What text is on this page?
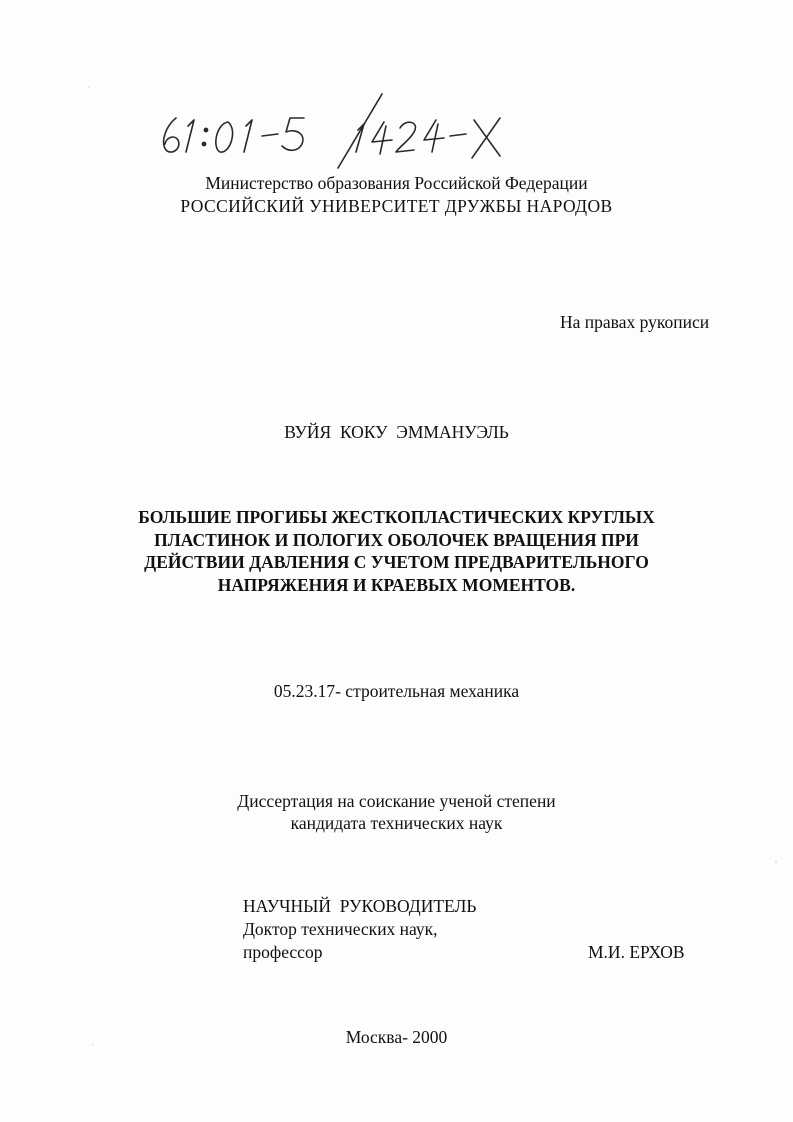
Министерство образования Российской Федерации
РОССИЙСКИЙ УНИВЕРСИТЕТ ДРУЖБЫ НАРОДОВ
На правах рукописи
ВУЙЯ  КОКУ  ЭММАНУЭЛЬ
БОЛЬШИЕ ПРОГИБЫ ЖЕСТКОПЛАСТИЧЕСКИХ КРУГЛЫХ
ПЛАСТИНОК И ПОЛОГИХ ОБОЛОЧЕК ВРАЩЕНИЯ ПРИ
ДЕЙСТВИИ ДАВЛЕНИЯ С УЧЕТОМ ПРЕДВАРИТЕЛЬНОГО
НАПРЯЖЕНИЯ И КРАЕВЫХ МОМЕНТОВ.
05.23.17- строительная механика
Диссертация на соискание ученой степени
кандидата технических наук
НАУЧНЫЙ  РУКОВОДИТЕЛЬ
Доктор технических наук,
профессор	М.И. ЕРХОВ
Москва- 2000
